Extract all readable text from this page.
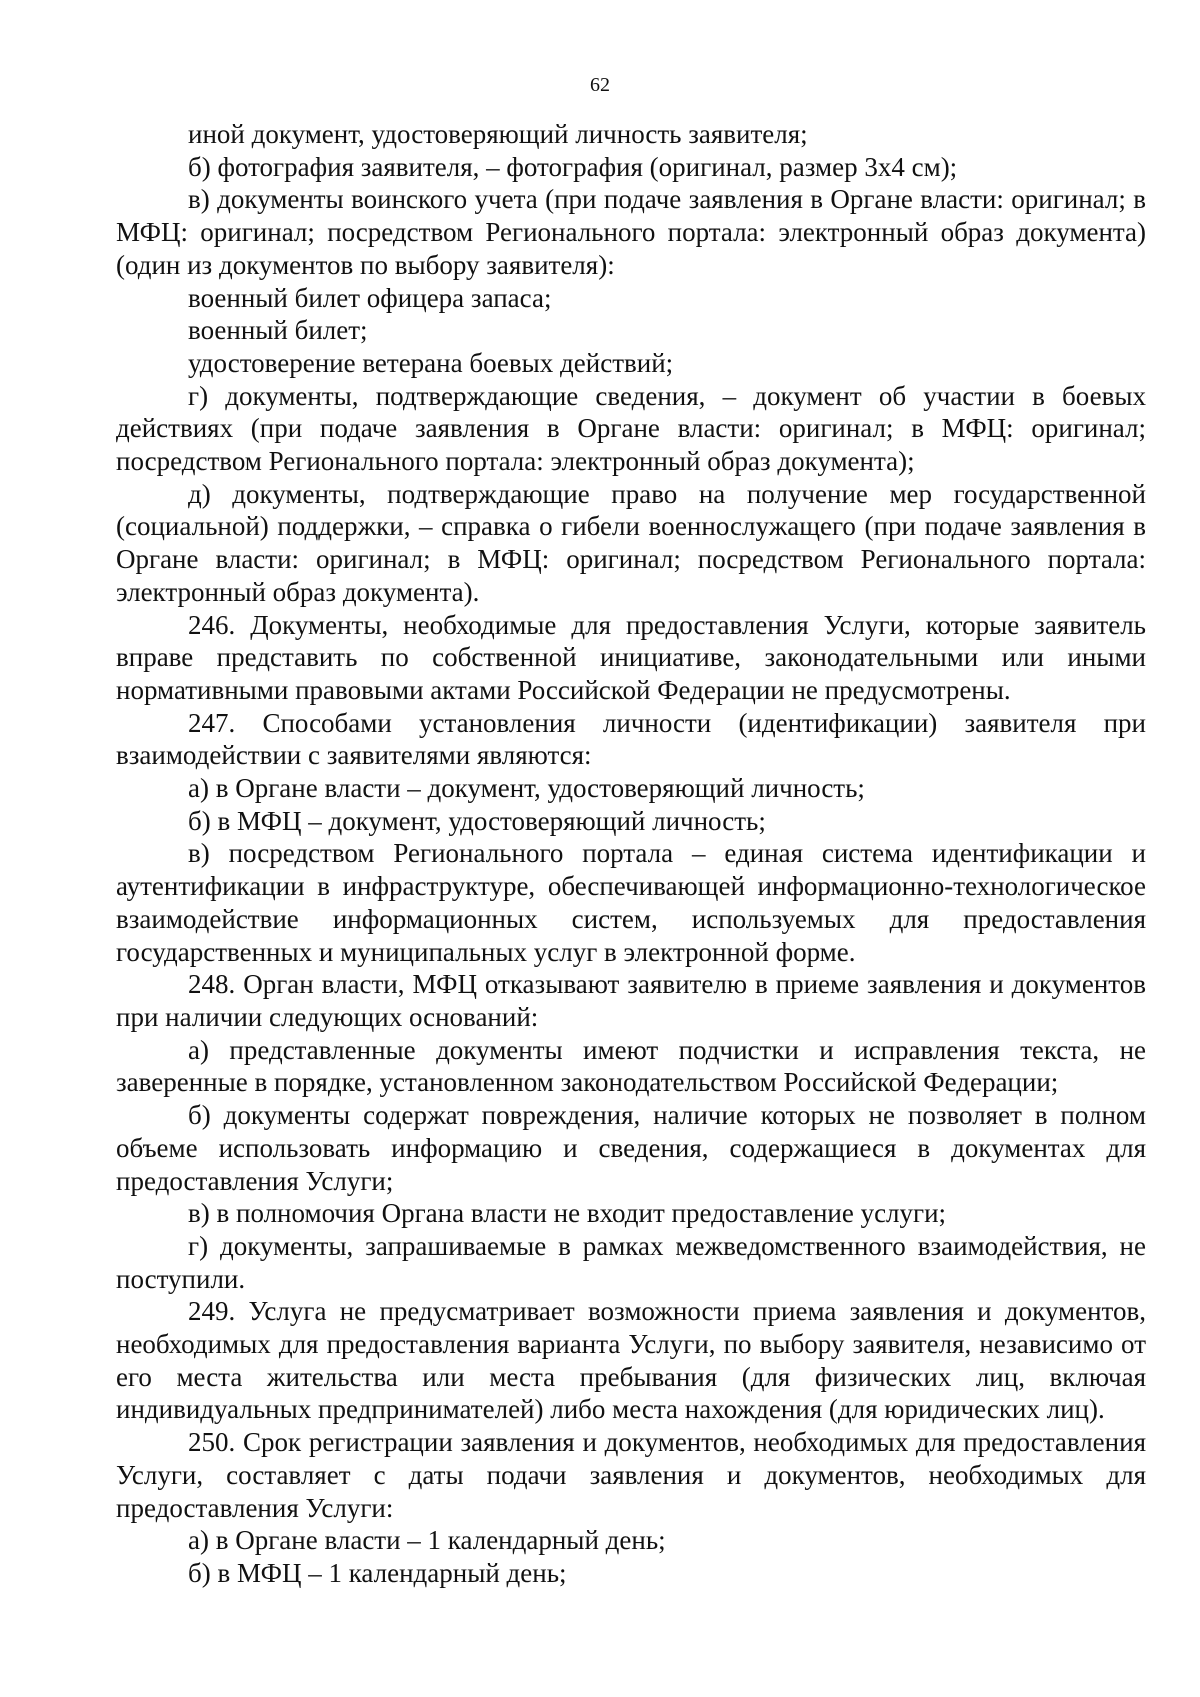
62

иной документ, удостоверяющий личность заявителя;

б) фотография заявителя, – фотография (оригинал, размер 3х4 см);

в) документы воинского учета (при подаче заявления в Органе власти: оригинал; в МФЦ: оригинал; посредством Регионального портала: электронный образ документа) (один из документов по выбору заявителя):

военный билет офицера запаса;

военный билет;

удостоверение ветерана боевых действий;

г) документы, подтверждающие сведения, – документ об участии в боевых действиях (при подаче заявления в Органе власти: оригинал; в МФЦ: оригинал; посредством Регионального портала: электронный образ документа);

д) документы, подтверждающие право на получение мер государственной (социальной) поддержки, – справка о гибели военнослужащего (при подаче заявления в Органе власти: оригинал; в МФЦ: оригинал; посредством Регионального портала: электронный образ документа).

246. Документы, необходимые для предоставления Услуги, которые заявитель вправе представить по собственной инициативе, законодательными или иными нормативными правовыми актами Российской Федерации не предусмотрены.

247. Способами установления личности (идентификации) заявителя при взаимодействии с заявителями являются:

а) в Органе власти – документ, удостоверяющий личность;

б) в МФЦ – документ, удостоверяющий личность;

в) посредством Регионального портала – единая система идентификации и аутентификации в инфраструктуре, обеспечивающей информационно-технологическое взаимодействие информационных систем, используемых для предоставления государственных и муниципальных услуг в электронной форме.

248. Орган власти, МФЦ отказывают заявителю в приеме заявления и документов при наличии следующих оснований:

а) представленные документы имеют подчистки и исправления текста, не заверенные в порядке, установленном законодательством Российской Федерации;

б) документы содержат повреждения, наличие которых не позволяет в полном объеме использовать информацию и сведения, содержащиеся в документах для предоставления Услуги;

в) в полномочия Органа власти не входит предоставление услуги;

г) документы, запрашиваемые в рамках межведомственного взаимодействия, не поступили.

249. Услуга не предусматривает возможности приема заявления и документов, необходимых для предоставления варианта Услуги, по выбору заявителя, независимо от его места жительства или места пребывания (для физических лиц, включая индивидуальных предпринимателей) либо места нахождения (для юридических лиц).

250. Срок регистрации заявления и документов, необходимых для предоставления Услуги, составляет с даты подачи заявления и документов, необходимых для предоставления Услуги:

а) в Органе власти – 1 календарный день;

б) в МФЦ – 1 календарный день;
